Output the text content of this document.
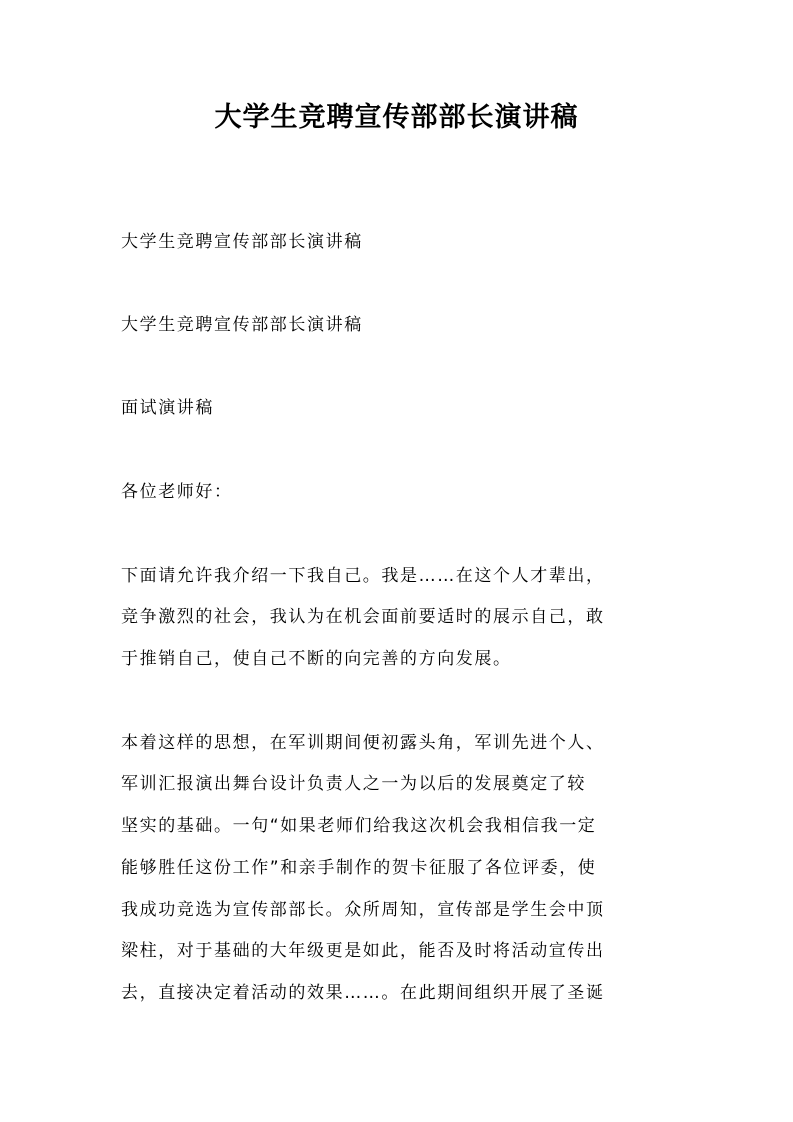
大学生竞聘宣传部部长演讲稿
大学生竞聘宣传部部长演讲稿
大学生竞聘宣传部部长演讲稿
面试演讲稿
各位老师好：
下面请允许我介绍一下我自己。我是……在这个人才辈出，
竞争激烈的社会，我认为在机会面前要适时的展示自己，敢
于推销自己，使自己不断的向完善的方向发展。
本着这样的思想，在军训期间便初露头角，军训先进个人、
军训汇报演出舞台设计负责人之一为以后的发展奠定了较
坚实的基础。一句“如果老师们给我这次机会我相信我一定
能够胜任这份工作”和亲手制作的贺卡征服了各位评委，使
我成功竞选为宣传部部长。众所周知，宣传部是学生会中顶
梁柱，对于基础的大年级更是如此，能否及时将活动宣传出
去，直接决定着活动的效果……。在此期间组织开展了圣诞
